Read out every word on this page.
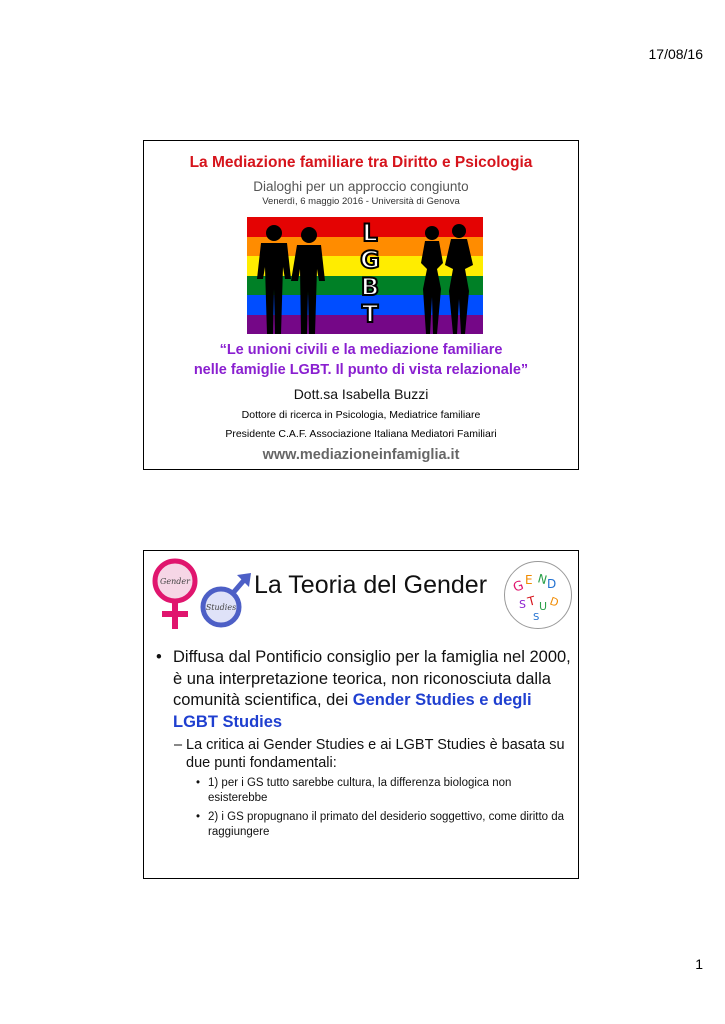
17/08/16
La Mediazione familiare tra Diritto e Psicologia
Dialoghi per un approccio congiunto
Venerdì, 6 maggio 2016 - Università di Genova
L
G
B
T
“Le unioni civili e la mediazione familiare
nelle famiglie LGBT. Il punto di vista relazionale”
Dott.sa Isabella Buzzi
Dottore di ricerca in Psicologia, Mediatrice familiare
Presidente C.A.F. Associazione Italiana Mediatori Familiari
www.mediazioneinfamiglia.it
Gender
Studies
La Teoria del Gender G E N
D
S T U D
S
• Diffusa dal Pontificio consiglio per la famiglia nel 2000, è una interpretazione teorica, non riconosciuta dalla comunità scientifica, dei Gender Studies e degli LGBT Studies
– La critica ai Gender Studies e ai LGBT Studies è basata su due punti fondamentali:
• 1) per i GS tutto sarebbe cultura, la differenza biologica non esisterebbe
• 2) i GS propugnano il primato del desiderio soggettivo, come diritto da raggiungere
1
